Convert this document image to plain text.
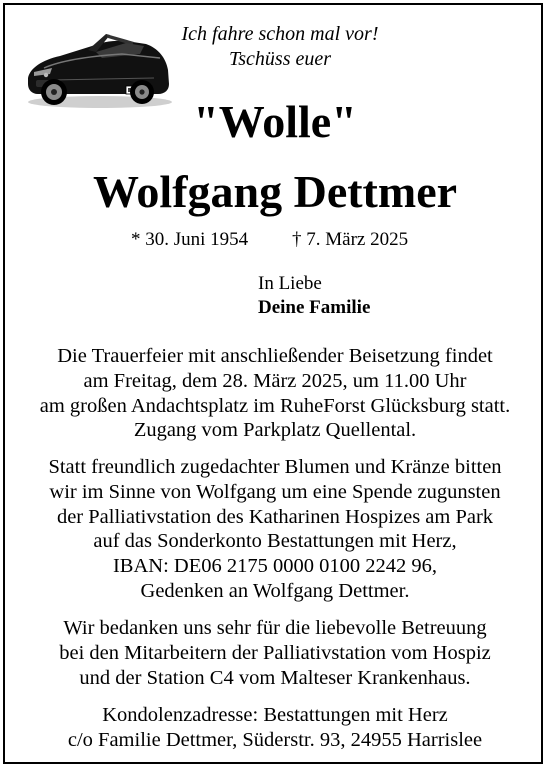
Ich fahre schon mal vor!
Tschüss euer
"Wolle"
Wolfgang Dettmer
* 30. Juni 1954 † 7. März 2025
In Liebe
Deine Familie
Die Trauerfeier mit anschließender Beisetzung findet
am Freitag, dem 28. März 2025, um 11.00 Uhr
am großen Andachtsplatz im RuheForst Glücksburg statt.
Zugang vom Parkplatz Quellental.
Statt freundlich zugedachter Blumen und Kränze bitten
wir im Sinne von Wolfgang um eine Spende zugunsten
der Palliativstation des Katharinen Hospizes am Park
auf das Sonderkonto Bestattungen mit Herz,
IBAN: DE06 2175 0000 0100 2242 96,
Gedenken an Wolfgang Dettmer.
Wir bedanken uns sehr für die liebevolle Betreuung
bei den Mitarbeitern der Palliativstation vom Hospiz
und der Station C4 vom Malteser Krankenhaus.
Kondolenzadresse: Bestattungen mit Herz
c/o Familie Dettmer, Süderstr. 93, 24955 Harrislee
